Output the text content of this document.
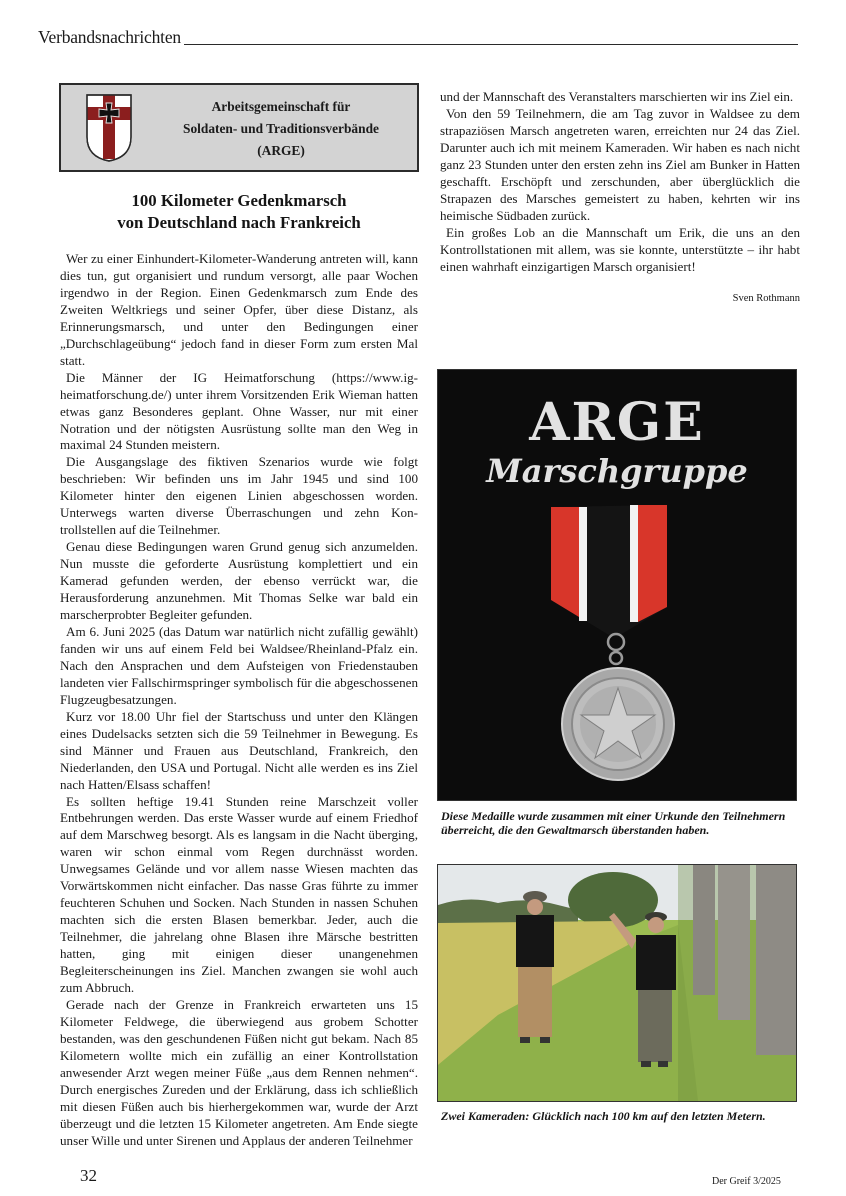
Verbandsnachrichten
Arbeitsgemeinschaft für
Soldaten- und Traditionsverbände
(ARGE)
100 Kilometer Gedenkmarsch
von Deutschland nach Frankreich

Wer zu einer Einhundert-Kilometer-Wanderung antreten will, kann dies tun, gut organisiert und rundum versorgt, alle paar Wochen irgendwo in der Region. Einen Gedenkmarsch zum Ende des Zweiten Weltkriegs und seiner Opfer, über diese Distanz, als Erinnerungsmarsch, und unter den Bedingungen einer „Durchschlageübung“ jedoch fand in dieser Form zum ersten Mal statt.

Die Männer der IG Heimatforschung (https://www.ig-heimatforschung.de/) unter ihrem Vorsitzenden Erik Wieman hatten etwas ganz Besonderes geplant. Ohne Wasser, nur mit einer Notration und der nötigsten Ausrüstung sollte man den Weg in maximal 24 Stunden meistern.

Die Ausgangslage des fiktiven Szenarios wurde wie folgt beschrieben: Wir befinden uns im Jahr 1945 und sind 100 Kilometer hinter den eigenen Linien abgeschossen worden. Unterwegs warten diverse Überraschungen und zehn Kontrollstellen auf die Teilnehmer.

Genau diese Bedingungen waren Grund genug sich anzumelden. Nun musste die geforderte Ausrüstung komplettiert und ein Kamerad gefunden werden, der ebenso verrückt war, die Herausforderung anzunehmen. Mit Thomas Selke war bald ein marscherprobter Begleiter gefunden.

Am 6. Juni 2025 (das Datum war natürlich nicht zufällig gewählt) fanden wir uns auf einem Feld bei Waldsee/Rheinland-Pfalz ein. Nach den Ansprachen und dem Aufsteigen von Friedenstauben landeten vier Fallschirmspringer symbolisch für die abgeschossenen Flugzeugbesatzungen.

Kurz vor 18.00 Uhr fiel der Startschuss und unter den Klängen eines Dudelsacks setzten sich die 59 Teilnehmer in Bewegung. Es sind Männer und Frauen aus Deutschland, Frankreich, den Niederlanden, den USA und Portugal. Nicht alle werden es ins Ziel nach Hatten/Elsass schaffen!

Es sollten heftige 19.41 Stunden reine Marschzeit voller Entbehrungen werden. Das erste Wasser wurde auf einem Friedhof auf dem Marschweg besorgt. Als es langsam in die Nacht überging, waren wir schon einmal vom Regen durchnässt worden. Unwegsames Gelände und vor allem nasse Wiesen machten das Vorwärtskommen nicht einfacher. Das nasse Gras führte zu immer feuchteren Schuhen und Socken. Nach Stunden in nassen Schuhen machten sich die ersten Blasen bemerkbar. Jeder, auch die Teilnehmer, die jahrelang ohne Blasen ihre Märsche bestritten hatten, ging mit einigen dieser unangenehmen Begleiterscheinungen ins Ziel. Manchen zwangen sie wohl auch zum Abbruch.

Gerade nach der Grenze in Frankreich erwarteten uns 15 Kilometer Feldwege, die überwiegend aus grobem Schotter bestanden, was den geschundenen Füßen nicht gut bekam. Nach 85 Kilometern wollte mich ein zufällig an einer Kontrollstation anwesender Arzt wegen meiner Füße „aus dem Rennen nehmen“. Durch energisches Zureden und der Erklärung, dass ich schließlich mit diesen Füßen auch bis hierhergekommen war, wurde der Arzt überzeugt und die letzten 15 Kilometer angetreten. Am Ende siegte unser Wille und unter Sirenen und Applaus der anderen Teilnehmer

und der Mannschaft des Veranstalters marschierten wir ins Ziel ein.

Von den 59 Teilnehmern, die am Tag zuvor in Waldsee zu dem strapaziösen Marsch angetreten waren, erreichten nur 24 das Ziel. Darunter auch ich mit meinem Kameraden. Wir haben es nach nicht ganz 23 Stunden unter den ersten zehn ins Ziel am Bunker in Hatten geschafft. Erschöpft und zerschunden, aber überglücklich die Strapazen des Marsches gemeistert zu haben, kehrten wir ins heimische Südbaden zurück.

Ein großes Lob an die Mannschaft um Erik, die uns an den Kontrollstationen mit allem, was sie konnte, unterstützte – ihr habt einen wahrhaft einzigartigen Marsch organisiert!

Sven Rothmann
ARGE
Marschgruppe
Diese Medaille wurde zusammen mit einer Urkunde den Teilnehmern überreicht, die den Gewaltmarsch überstanden haben.
Zwei Kameraden: Glücklich nach 100 km auf den letzten Metern.
32	Der Greif 3/2025
